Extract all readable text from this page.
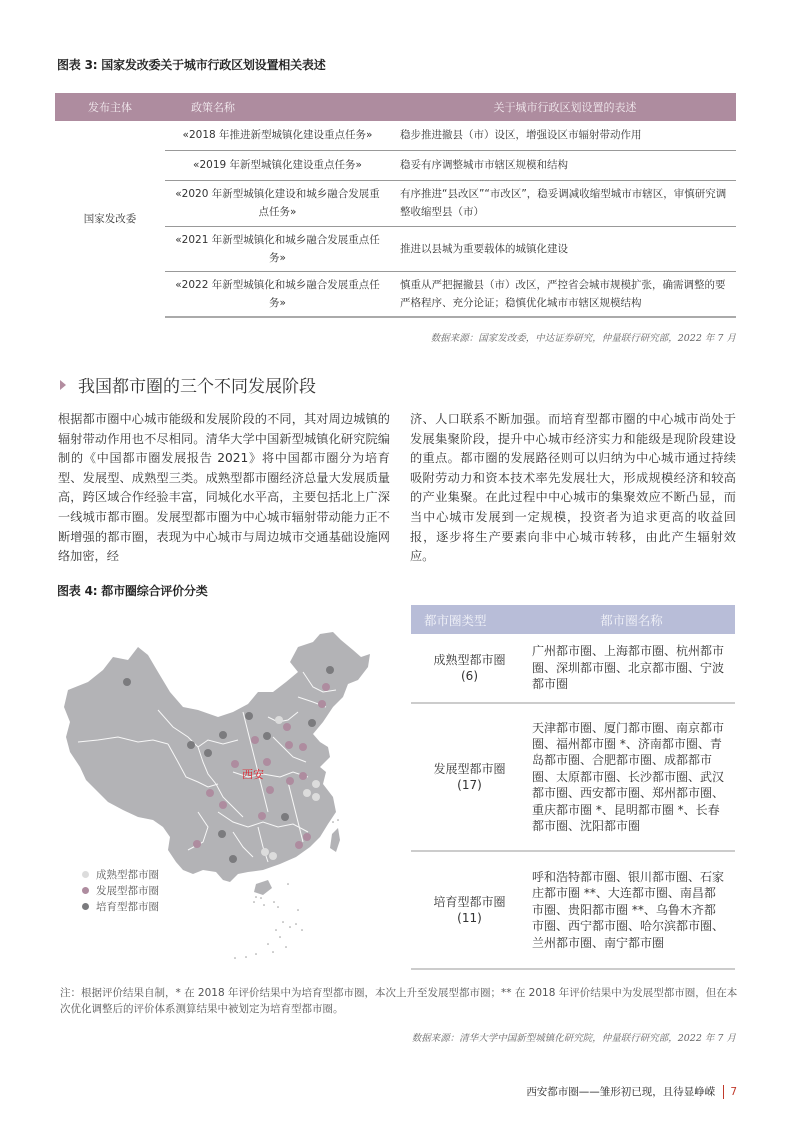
图表 3: 国家发改委关于城市行政区划设置相关表述
发布主体	政策名称	关于城市行政区划设置的表述
国家发改委	«2018 年推进新型城镇化建设重点任务»	稳步推进撤县（市）设区，增强设区市辐射带动作用
	«2019 年新型城镇化建设重点任务»	稳妥有序调整城市市辖区规模和结构
	«2020 年新型城镇化建设和城乡融合发展重点任务»	有序推进“县改区”“市改区”，稳妥调减收缩型城市市辖区，审慎研究调整收缩型县（市）
	«2021 年新型城镇化和城乡融合发展重点任务»	推进以县城为重要载体的城镇化建设
	«2022 年新型城镇化和城乡融合发展重点任务»	慎重从严把握撤县（市）改区，严控省会城市规模扩张，确需调整的要严格程序、充分论证；稳慎优化城市市辖区规模结构
数据来源：国家发改委，中达证券研究，仲量联行研究部，2022 年 7 月
我国都市圈的三个不同发展阶段
根据都市圈中心城市能级和发展阶段的不同，其对周边城镇的辐射带动作用也不尽相同。清华大学中国新型城镇化研究院编制的《中国都市圈发展报告 2021》将中国都市圈分为培育型、发展型、成熟型三类。成熟型都市圈经济总量大发展质量高，跨区域合作经验丰富，同城化水平高，主要包括北上广深一线城市都市圈。发展型都市圈为中心城市辐射带动能力正不断增强的都市圈，表现为中心城市与周边城市交通基础设施网络加密，经
济、人口联系不断加强。而培育型都市圈的中心城市尚处于发展集聚阶段，提升中心城市经济实力和能级是现阶段建设的重点。都市圈的发展路径则可以归纳为中心城市通过持续吸附劳动力和资本技术率先发展壮大，形成规模经济和较高的产业集聚。在此过程中中心城市的集聚效应不断凸显，而当中心城市发展到一定规模，投资者为追求更高的收益回报，逐步将生产要素向非中心城市转移，由此产生辐射效应。
图表 4: 都市圈综合评价分类
西安
成熟型都市圈
发展型都市圈
培育型都市圈
都市圈类型	都市圈名称

成熟型都市圈
(6)	广州都市圈、上海都市圈、杭州都市圈、深圳都市圈、北京都市圈、宁波都市圈

发展型都市圈
(17)	天津都市圈、厦门都市圈、南京都市圈、福州都市圈 *、济南都市圈、青岛都市圈、合肥都市圈、成都都市圈、太原都市圈、长沙都市圈、武汉都市圈、西安都市圈、郑州都市圈、重庆都市圈 *、昆明都市圈 *、长春都市圈、沈阳都市圈

培育型都市圈
(11)	呼和浩特都市圈、银川都市圈、石家庄都市圈 **、大连都市圈、南昌都市圈、贵阳都市圈 **、乌鲁木齐都市圈、西宁都市圈、哈尔滨都市圈、兰州都市圈、南宁都市圈
注：根据评价结果自制，* 在 2018 年评价结果中为培育型都市圈，本次上升至发展型都市圈；** 在 2018 年评价结果中为发展型都市圈，但在本次优化调整后的评价体系测算结果中被划定为培育型都市圈。
数据来源：清华大学中国新型城镇化研究院，仲量联行研究部，2022 年 7 月
西安都市圈——雏形初已现，且待显峥嵘 7
